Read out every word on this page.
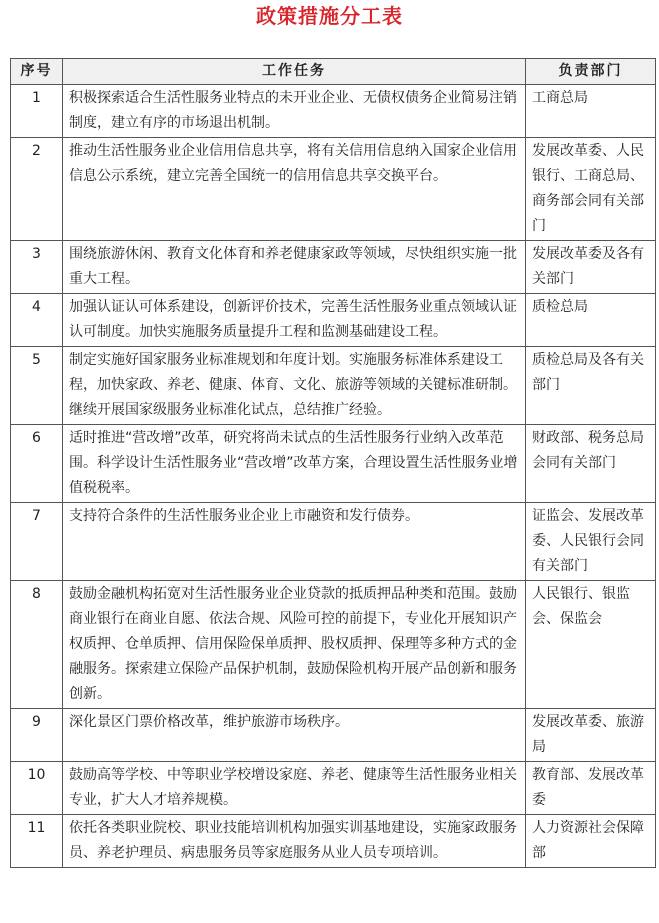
政策措施分工表
序号	工作任务	负责部门
1	积极探索适合生活性服务业特点的未开业企业、无债权债务企业简易注销制度，建立有序的市场退出机制。	工商总局
2	推动生活性服务业企业信用信息共享，将有关信用信息纳入国家企业信用信息公示系统，建立完善全国统一的信用信息共享交换平台。	发展改革委、人民银行、工商总局、商务部会同有关部门
3	围绕旅游休闲、教育文化体育和养老健康家政等领域，尽快组织实施一批重大工程。	发展改革委及各有关部门
4	加强认证认可体系建设，创新评价技术，完善生活性服务业重点领域认证认可制度。加快实施服务质量提升工程和监测基础建设工程。	质检总局
5	制定实施好国家服务业标准规划和年度计划。实施服务标准体系建设工程，加快家政、养老、健康、体育、文化、旅游等领域的关键标准研制。继续开展国家级服务业标准化试点，总结推广经验。	质检总局及各有关部门
6	适时推进“营改增”改革，研究将尚未试点的生活性服务行业纳入改革范围。科学设计生活性服务业“营改增”改革方案，合理设置生活性服务业增值税税率。	财政部、税务总局会同有关部门
7	支持符合条件的生活性服务业企业上市融资和发行债券。	证监会、发展改革委、人民银行会同有关部门
8	鼓励金融机构拓宽对生活性服务业企业贷款的抵质押品种类和范围。鼓励商业银行在商业自愿、依法合规、风险可控的前提下，专业化开展知识产权质押、仓单质押、信用保险保单质押、股权质押、保理等多种方式的金融服务。探索建立保险产品保护机制，鼓励保险机构开展产品创新和服务创新。	人民银行、银监会、保监会
9	深化景区门票价格改革，维护旅游市场秩序。	发展改革委、旅游局
10	鼓励高等学校、中等职业学校增设家庭、养老、健康等生活性服务业相关专业，扩大人才培养规模。	教育部、发展改革委
11	依托各类职业院校、职业技能培训机构加强实训基地建设，实施家政服务员、养老护理员、病患服务员等家庭服务从业人员专项培训。	人力资源社会保障部
